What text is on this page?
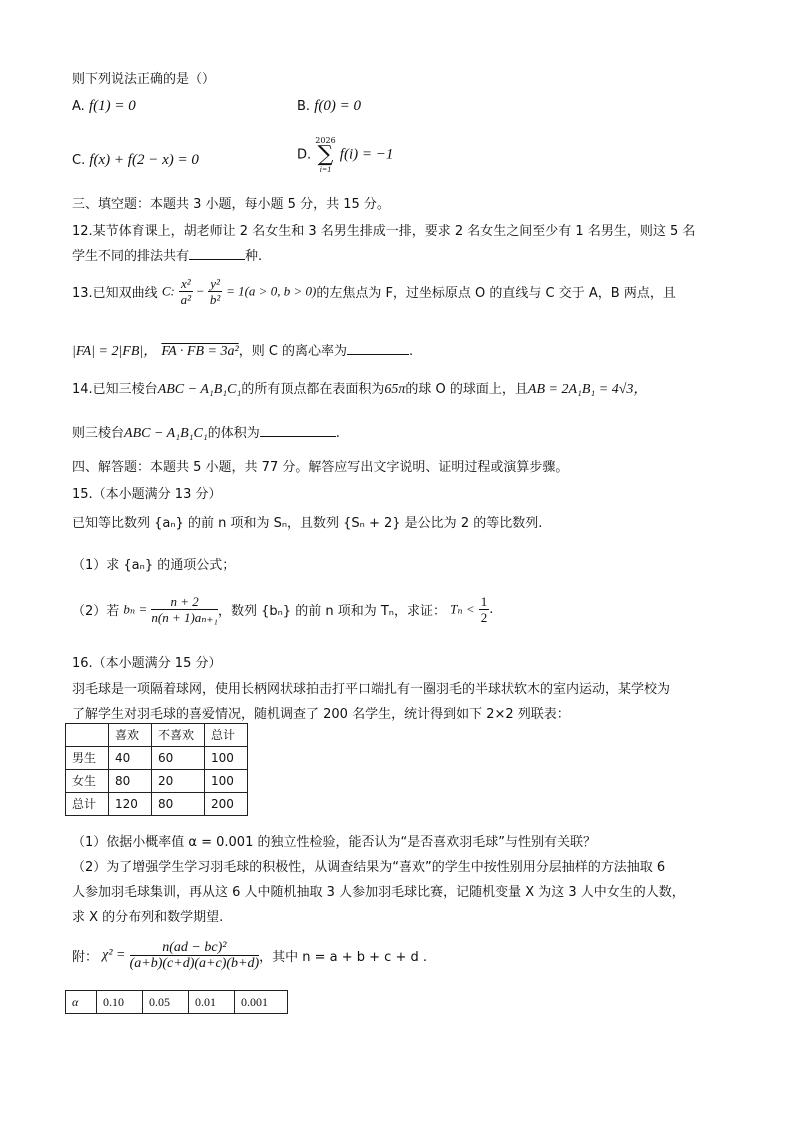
则下列说法正确的是（）
A. f(1) = 0	B. f(0) = 0
C. f(x) + f(2 − x) = 0	D.
2026
∑
i=1
f(i) = −1
三、填空题：本题共 3 小题，每小题 5 分，共 15 分。
12.某节体育课上，胡老师让 2 名女生和 3 名男生排成一排，要求 2 名女生之间至少有 1 名男生，则这 5 名
学生不同的排法共有	种.
13.已知双曲线 C: $\frac{\text{x²}}{\text{a²}} - \frac{\text{y²}}{\text{b²}} = 1(a > 0$, b > 0)的左焦点为 F，过坐标原点 O 的直线与 C 交于 A，B 两点，且
|FA| = 2|FB|， FA · FB = 3a²，则 C 的离心率为	.
14.已知三棱台ABC − A₁B₁C₁的所有顶点都在表面积为65π的球 O 的球面上，且AB = 2A₁B₁ = 4√3，
则三棱台ABC − A₁B₁C₁的体积为	.
四、解答题：本题共 5 小题，共 77 分。解答应写出文字说明、证明过程或演算步骤。
15.（本小题满分 13 分）
已知等比数列 {aₙ} 的前 n 项和为 Sₙ，且数列 {Sₙ + 2} 是公比为 2 的等比数列.
（1）求 {aₙ} 的通项公式；
（2）若 $b_n = \frac{n + 2}{\text{n(n + 1)aₙ₊₁}}$ ，数列 {bₙ} 的前 n 项和为 Tₙ，求证： $T_n < \frac{1}{2}$ .
16.（本小题满分 15 分）
羽毛球是一项隔着球网，使用长柄网状球拍击打平口端扎有一圈羽毛的半球状软木的室内运动，某学校为
了解学生对羽毛球的喜爱情况，随机调查了 200 名学生，统计得到如下 2×2 列联表：
	喜欢	不喜欢	总计
男生	40	60	100
女生	80	20	100
总计	120	80	200
（1）依据小概率值 α = 0.001 的独立性检验，能否认为“是否喜欢羽毛球”与性别有关联？
（2）为了增强学生学习羽毛球的积极性，从调查结果为“喜欢”的学生中按性别用分层抽样的方法抽取 6
人参加羽毛球集训，再从这 6 人中随机抽取 3 人参加羽毛球比赛，记随机变量 X 为这 3 人中女生的人数，
求 X 的分布列和数学期望.
附： $\chi^2 = \frac{\text{n(ad − bc)²}}{(a+b)(c+d)(a+c)(b+d)}$ ，其中 n = a + b + c + d .
α	0.10	0.05	0.01	0.001
